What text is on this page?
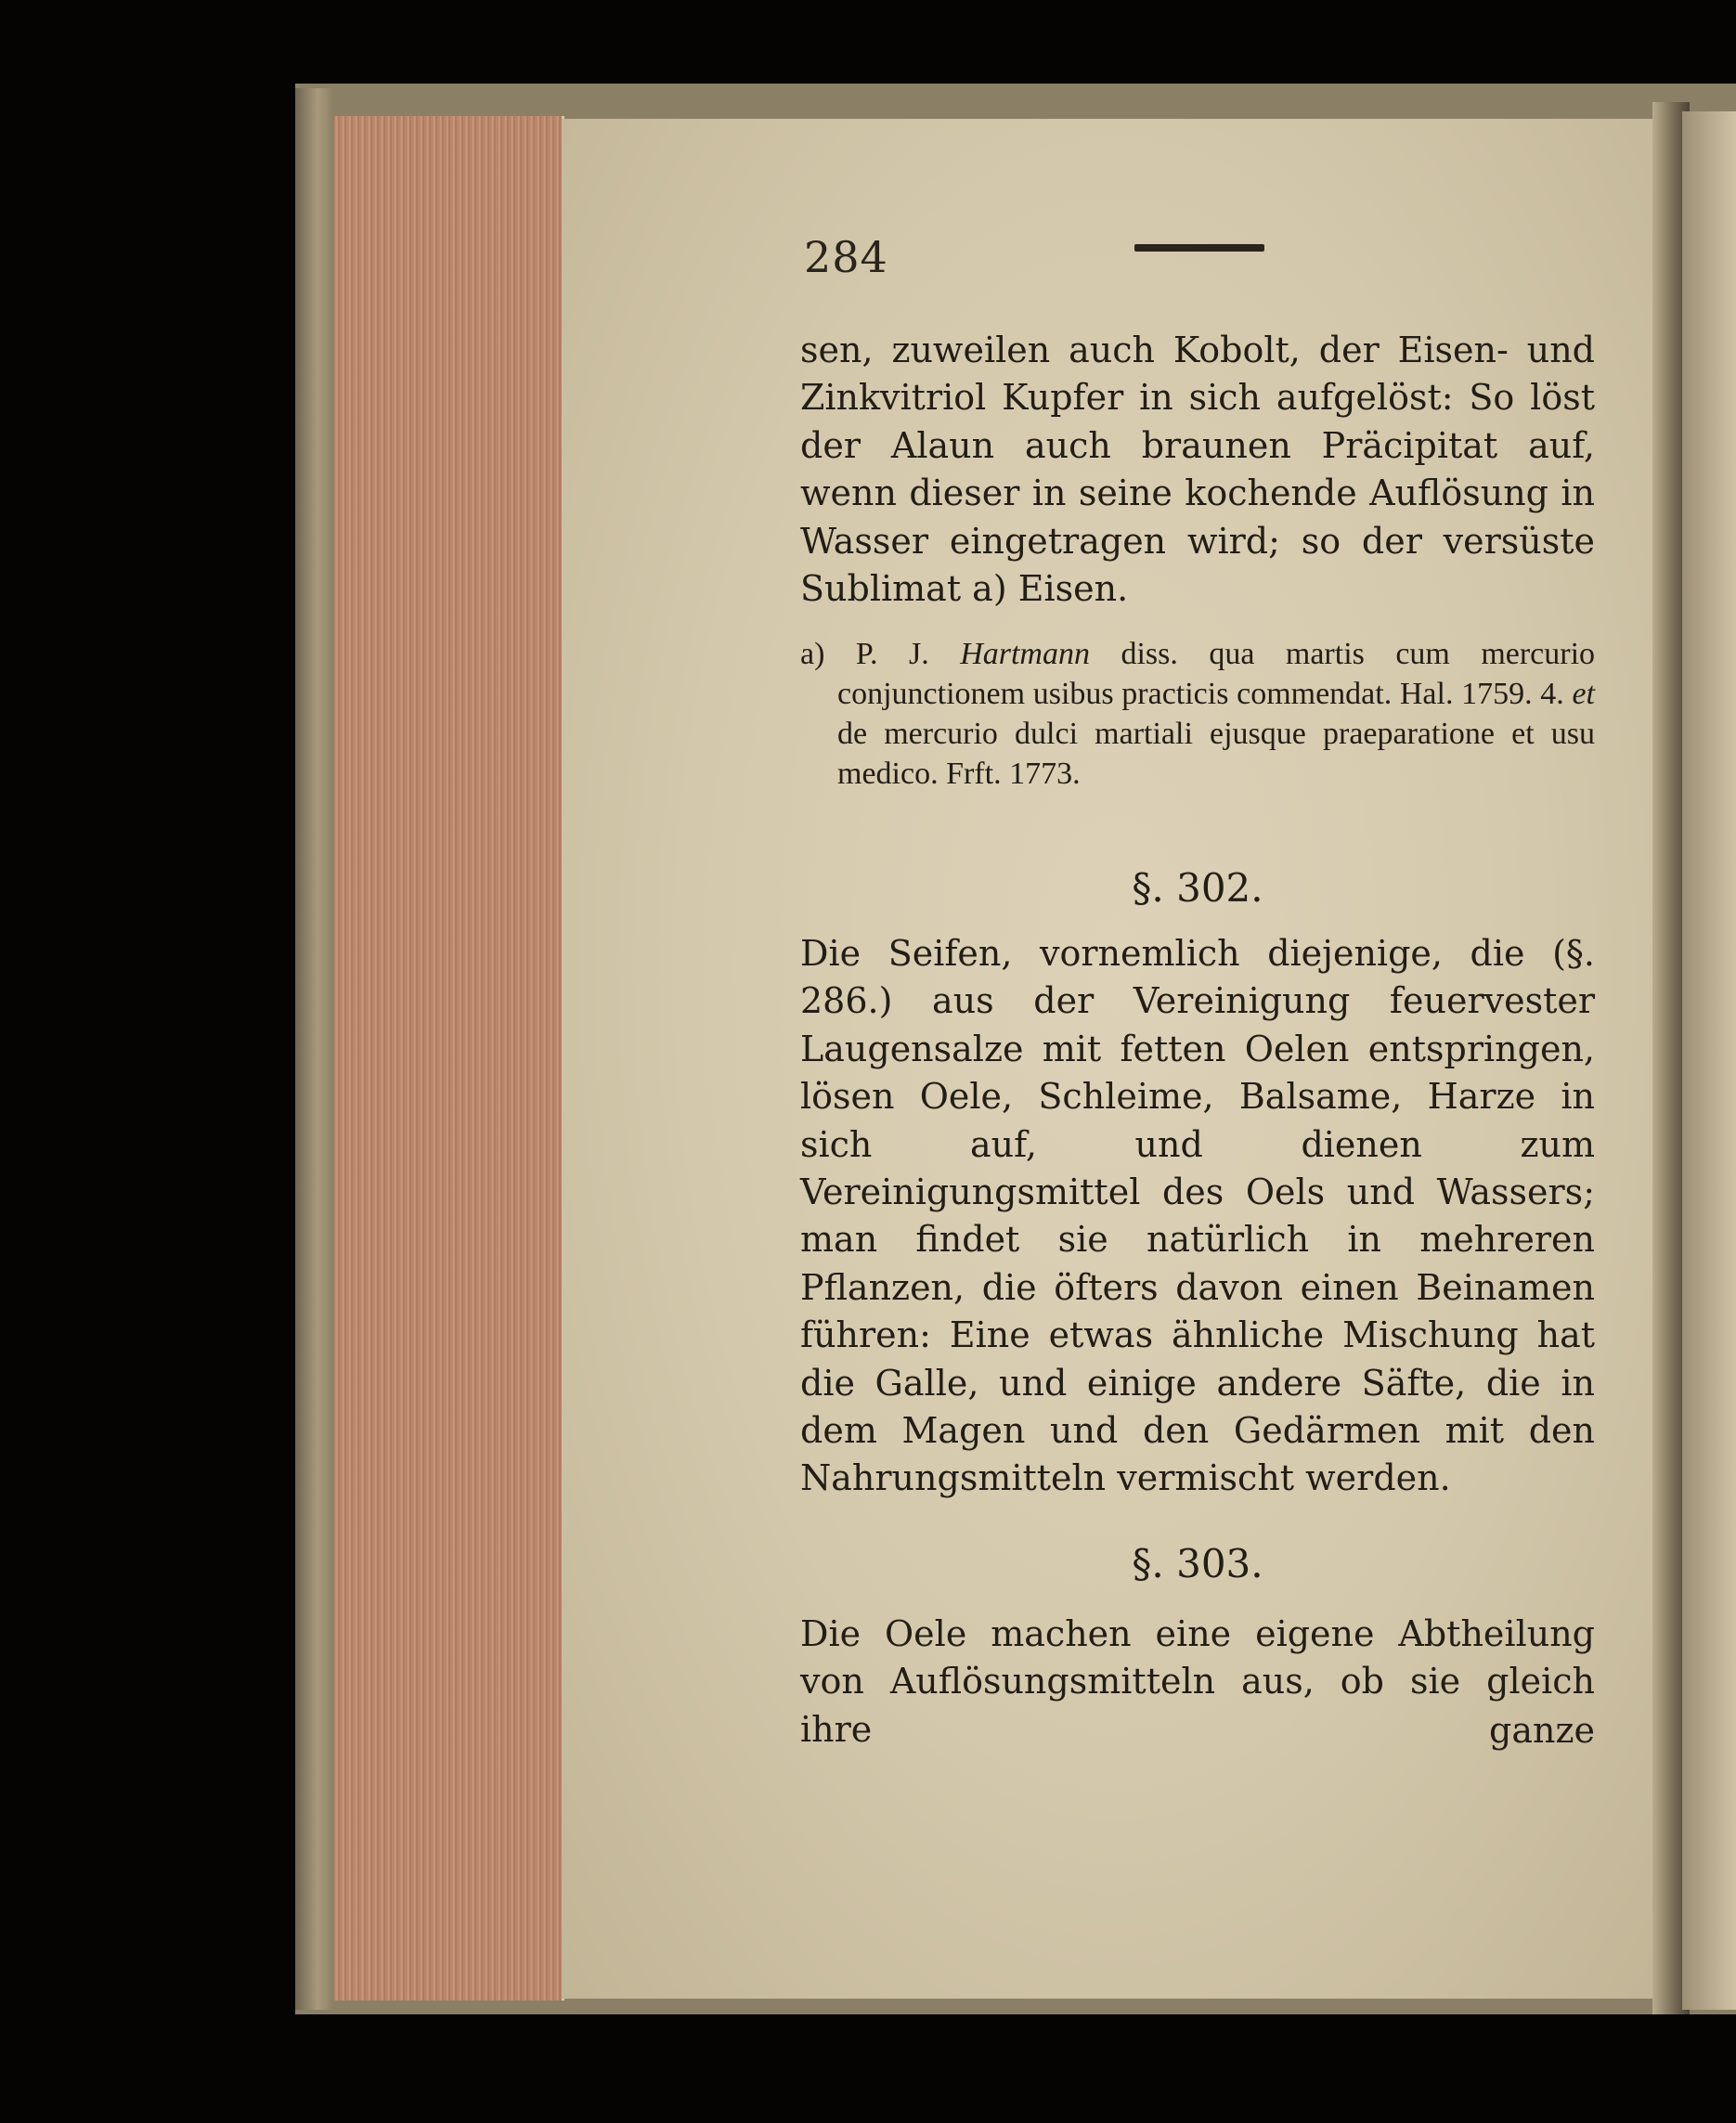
284
sen, zuweilen auch Kobolt, der Eisen- und Zinkvitriol Kupfer in sich aufgelöst: So löst der Alaun auch braunen Präcipitat auf, wenn dieser in seine kochende Auflösung in Wasser eingetragen wird; so der versüste Sublimat a) Eisen.
a) P. J. Hartmann diss. qua martis cum mercurio conjunctionem usibus practicis commendat. Hal. 1759. 4. et de mercurio dulci martiali ejusque praeparatione et usu medico. Frft. 1773.
§. 302.
Die Seifen, vornemlich diejenige, die (§. 286.) aus der Vereinigung feuervester Laugensalze mit fetten Oelen entspringen, lösen Oele, Schleime, Balsame, Harze in sich auf, und dienen zum Vereinigungsmittel des Oels und Wassers; man findet sie natürlich in mehreren Pflanzen, die öfters davon einen Beinamen führen: Eine etwas ähnliche Mischung hat die Galle, und einige andere Säfte, die in dem Magen und den Gedärmen mit den Nahrungsmitteln vermischt werden.
§. 303.
Die Oele machen eine eigene Abtheilung von Auflösungsmitteln aus, ob sie gleich ihre	ganze
